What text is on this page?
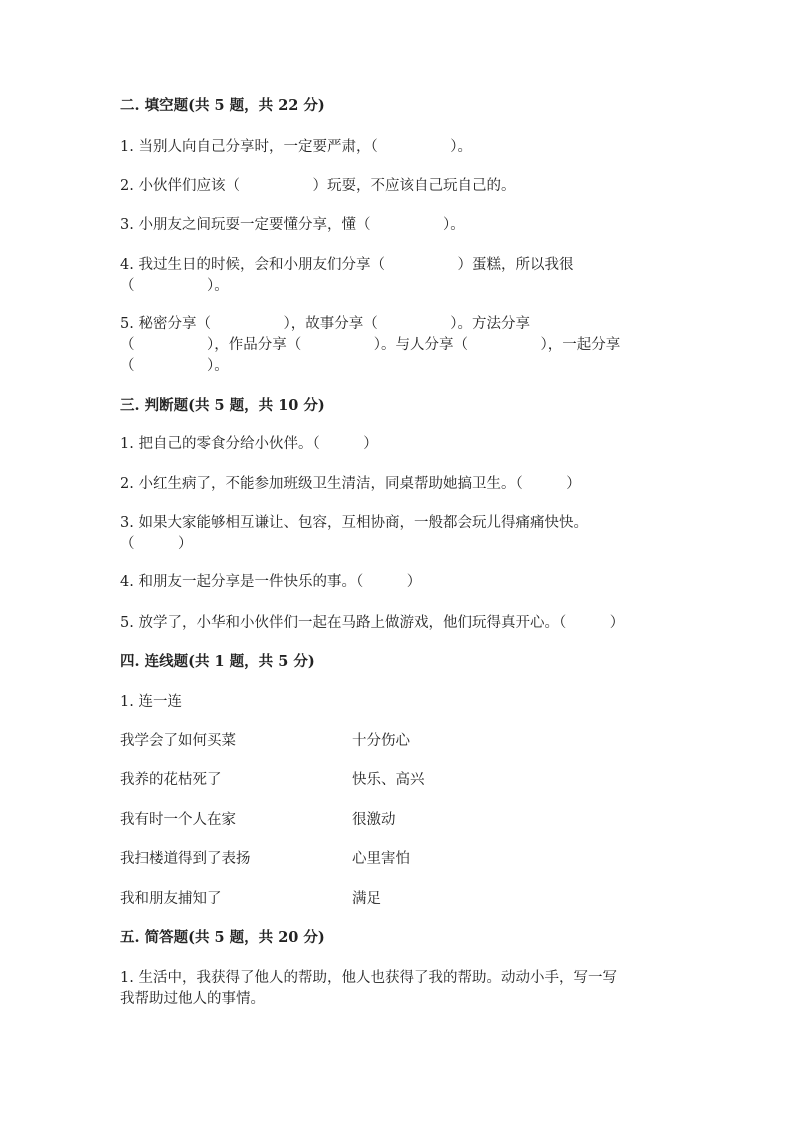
二. 填空题(共 5 题，共 22 分)
1. 当别人向自己分享时，一定要严肃，（　　　　　）。
2. 小伙伴们应该（　　　　　）玩耍，不应该自己玩自己的。
3. 小朋友之间玩耍一定要懂分享，懂（　　　　　）。
4. 我过生日的时候，会和小朋友们分享（　　　　　）蛋糕，所以我很
（　　　　　）。
5. 秘密分享（　　　　　），故事分享（　　　　　）。方法分享
（　　　　　），作品分享（　　　　　）。与人分享（　　　　　），一起分享
（　　　　　）。
三. 判断题(共 5 题，共 10 分)
1. 把自己的零食分给小伙伴。（　　　）
2. 小红生病了，不能参加班级卫生清洁，同桌帮助她搞卫生。（　　　）
3. 如果大家能够相互谦让、包容，互相协商，一般都会玩儿得痛痛快快。
（　　　）
4. 和朋友一起分享是一件快乐的事。（　　　）
5. 放学了，小华和小伙伴们一起在马路上做游戏，他们玩得真开心。（　　　）
四. 连线题(共 1 题，共 5 分)
1. 连一连
我学会了如何买菜	十分伤心
我养的花枯死了	快乐、高兴
我有时一个人在家	很激动
我扫楼道得到了表扬	心里害怕
我和朋友捕知了	满足
五. 简答题(共 5 题，共 20 分)
1. 生活中，我获得了他人的帮助，他人也获得了我的帮助。动动小手，写一写
我帮助过他人的事情。
